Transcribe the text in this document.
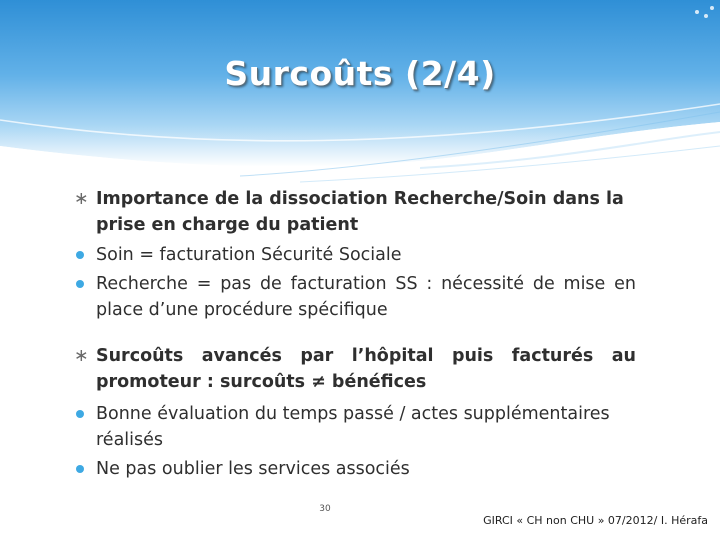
Surcoûts (2/4)
∗ Importance de la dissociation Recherche/Soin dans la prise en charge du patient
Soin = facturation Sécurité Sociale
Recherche = pas de facturation SS : nécessité de mise en place d’une procédure spécifique
∗ Surcoûts avancés par l’hôpital puis facturés au promoteur : surcoûts ≠ bénéfices
Bonne évaluation du temps passé / actes supplémentaires réalisés
Ne pas oublier les services associés
30
GIRCI « CH non CHU » 07/2012/ I. Hérafa
